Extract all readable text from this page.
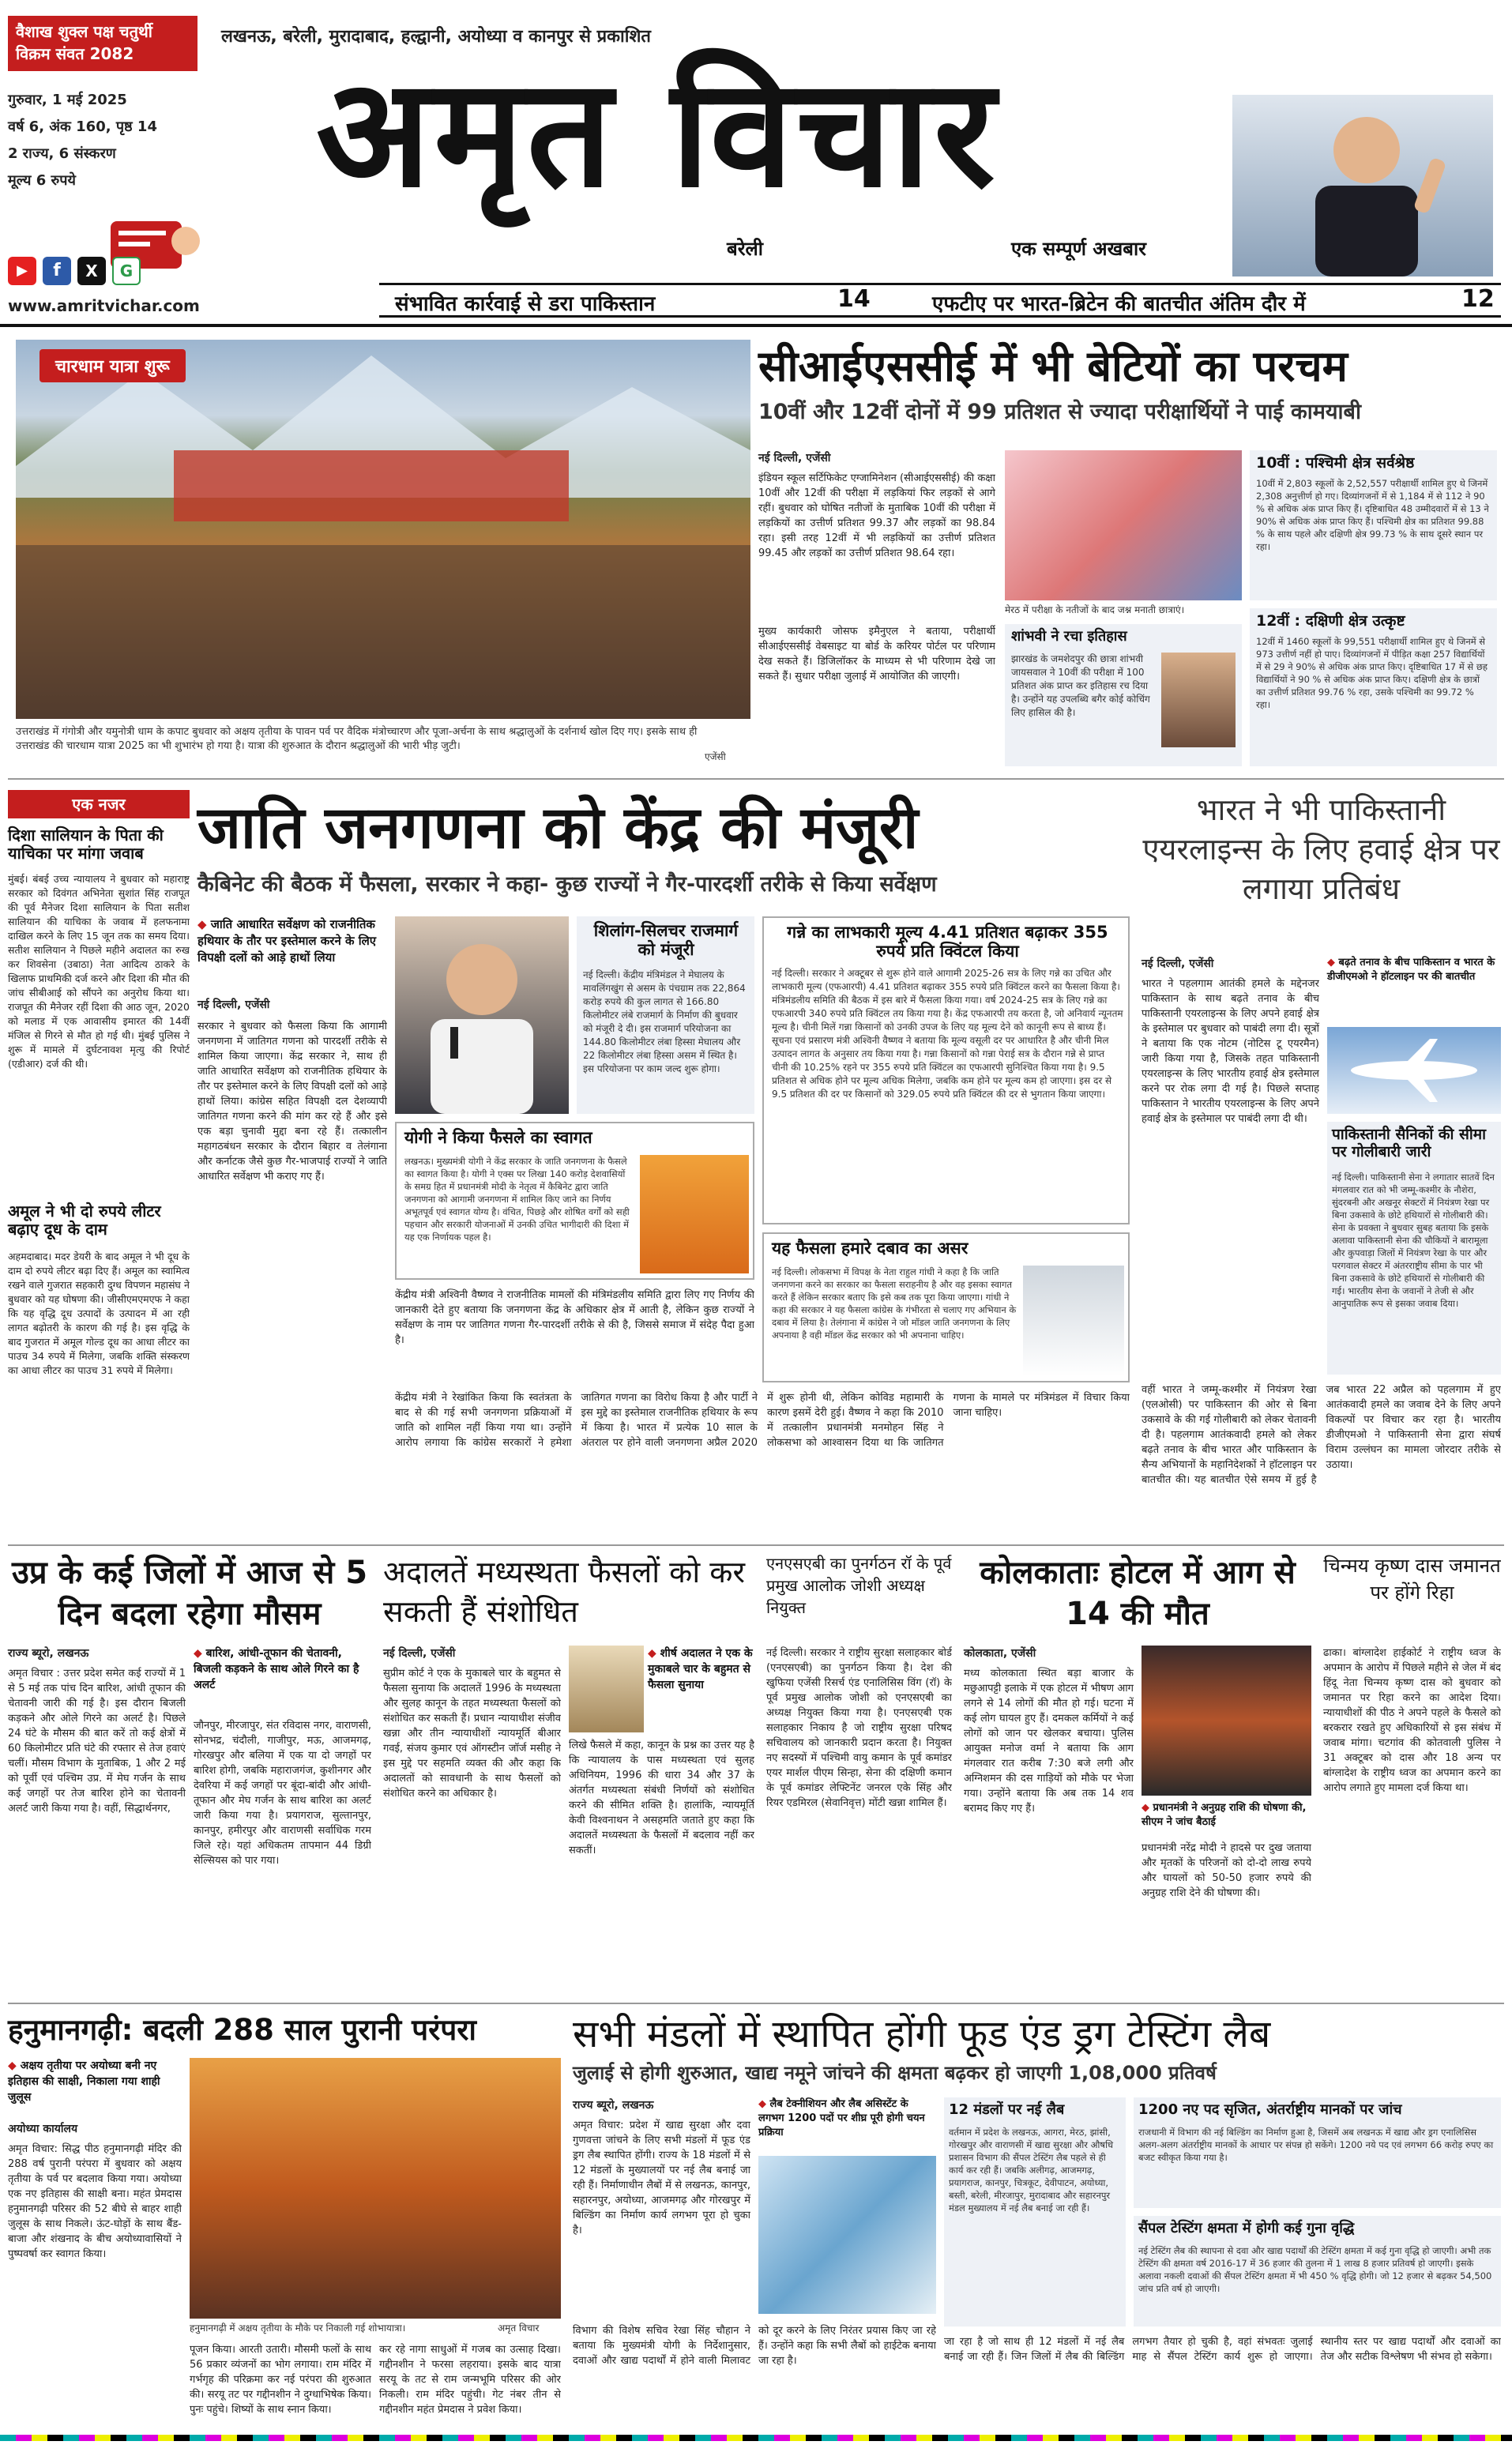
वैशाख शुक्ल पक्ष चतुर्थी विक्रम संवत 2082
लखनऊ, बरेली, मुरादाबाद, हल्द्वानी, अयोध्या व कानपुर से प्रकाशित
गुरुवार, 1 मई 2025
वर्ष 6, अंक 160, पृष्ठ 14
2 राज्य, 6 संस्करण
मूल्य 6 रुपये	अमृत विचार
बरेली	एक सम्पूर्ण अखबार
▶	f	X	G
www.amritvichar.com	संभावित कार्रवाई से डरा पाकिस्तान	14	एफटीए पर भारत-ब्रिटेन की बातचीत अंतिम दौर में	12
चारधाम यात्रा शुरू
उत्तराखंड में गंगोत्री और यमुनोत्री धाम के कपाट बुधवार को अक्षय तृतीया के पावन पर्व पर वैदिक मंत्रोच्चारण और पूजा-अर्चना के साथ श्रद्धालुओं के दर्शनार्थ खोल दिए गए। इसके साथ ही उत्तराखंड की चारधाम यात्रा 2025 का भी शुभारंभ हो गया है। यात्रा की शुरुआत के दौरान श्रद्धालुओं की भारी भीड़ जुटी।
एजेंसी
सीआईएससीई में भी बेटियों का परचम
10वीं और 12वीं दोनों में 99 प्रतिशत से ज्यादा परीक्षार्थियों ने पाई कामयाबी
नई दिल्ली, एजेंसी
इंडियन स्कूल सर्टिफिकेट एग्जामिनेशन (सीआईएससीई) की कक्षा 10वीं और 12वीं की परीक्षा में लड़कियां फिर लड़कों से आगे रहीं। बुधवार को घोषित नतीजों के मुताबिक 10वीं की परीक्षा में लड़कियों का उत्तीर्ण प्रतिशत 99.37 और लड़कों का 98.84 रहा। इसी तरह 12वीं में भी लड़कियों का उत्तीर्ण प्रतिशत 99.45 और लड़कों का उत्तीर्ण प्रतिशत 98.64 रहा।
मुख्य कार्यकारी जोसफ इमैनुएल ने बताया, परीक्षार्थी सीआईएससीई वेबसाइट या बोर्ड के करियर पोर्टल पर परिणाम देख सकते हैं। डिजिलॉकर के माध्यम से भी परिणाम देखे जा सकते हैं। सुधार परीक्षा जुलाई में आयोजित की जाएगी।
मेरठ में परीक्षा के नतीजों के बाद जश्न मनाती छात्राएं।
शांभवी ने रचा इतिहास
झारखंड के जमशेदपुर की छात्रा शांभवी जायसवाल ने 10वीं की परीक्षा में 100 प्रतिशत अंक प्राप्त कर इतिहास रच दिया है। उन्होंने यह उपलब्धि बगैर कोई कोचिंग लिए हासिल की है।
10वीं : पश्चिमी क्षेत्र सर्वश्रेष्ठ
10वीं में 2,803 स्कूलों के 2,52,557 परीक्षार्थी शामिल हुए थे जिनमें 2,308 अनुत्तीर्ण हो गए। दिव्यांगजनों में से 1,184 में से 112 ने 90 % से अधिक अंक प्राप्त किए हैं। दृष्टिबाधित 48 उम्मीदवारों में से 13 ने 90% से अधिक अंक प्राप्त किए हैं। पश्चिमी क्षेत्र का प्रतिशत 99.88 % के साथ पहले और दक्षिणी क्षेत्र 99.73 % के साथ दूसरे स्थान पर रहा।
12वीं : दक्षिणी क्षेत्र उत्कृष्ट
12वीं में 1460 स्कूलों के 99,551 परीक्षार्थी शामिल हुए थे जिनमें से 973 उत्तीर्ण नहीं हो पाए। दिव्यांगजनों में पीड़ित कक्षा 257 विद्यार्थियों में से 29 ने 90% से अधिक अंक प्राप्त किए। दृष्टिबाधित 17 में से छह विद्यार्थियों ने 90 % से अधिक अंक प्राप्त किए। दक्षिणी क्षेत्र के छात्रों का उत्तीर्ण प्रतिशत 99.76 % रहा, उसके पश्चिमी का 99.72 % रहा।
एक नजर
दिशा सालियान के पिता की याचिका पर मांगा जवाब
मुंबई। बंबई उच्च न्यायालय ने बुधवार को महाराष्ट्र सरकार को दिवंगत अभिनेता सुशांत सिंह राजपूत की पूर्व मैनेजर दिशा सालियान के पिता सतीश सालियान की याचिका के जवाब में हलफनामा दाखिल करने के लिए 15 जून तक का समय दिया। सतीश सालियान ने पिछले महीने अदालत का रुख कर शिवसेना (उबाठा) नेता आदित्य ठाकरे के खिलाफ प्राथमिकी दर्ज करने और दिशा की मौत की जांच सीबीआई को सौंपने का अनुरोध किया था। राजपूत की मैनेजर रहीं दिशा की आठ जून, 2020 को मलाड में एक आवासीय इमारत की 14वीं मंजिल से गिरने से मौत हो गई थी। मुंबई पुलिस ने शुरू में मामले में दुर्घटनावश मृत्यु की रिपोर्ट (एडीआर) दर्ज की थी।
अमूल ने भी दो रुपये लीटर बढ़ाए दूध के दाम
अहमदाबाद। मदर डेयरी के बाद अमूल ने भी दूध के दाम दो रुपये लीटर बढ़ा दिए हैं। अमूल का स्वामित्व रखने वाले गुजरात सहकारी दुग्ध विपणन महासंघ ने बुधवार को यह घोषणा की। जीसीएमएमएफ ने कहा कि यह वृद्धि दूध उत्पादों के उत्पादन में आ रही लागत बढ़ोतरी के कारण की गई है। इस वृद्धि के बाद गुजरात में अमूल गोल्ड दूध का आधा लीटर का पाउच 34 रुपये में मिलेगा, जबकि शक्ति संस्करण का आधा लीटर का पाउच 31 रुपये में मिलेगा।
जाति जनगणना को केंद्र की मंजूरी
कैबिनेट की बैठक में फैसला, सरकार ने कहा- कुछ राज्यों ने गैर-पारदर्शी तरीके से किया सर्वेक्षण
◆ जाति आधारित सर्वेक्षण को राजनीतिक हथियार के तौर पर इस्तेमाल करने के लिए विपक्षी दलों को आड़े हाथों लिया
नई दिल्ली, एजेंसी
सरकार ने बुधवार को फैसला किया कि आगामी जनगणना में जातिगत गणना को पारदर्शी तरीके से शामिल किया जाएगा। केंद्र सरकार ने, साथ ही जाति आधारित सर्वेक्षण को राजनीतिक हथियार के तौर पर इस्तेमाल करने के लिए विपक्षी दलों को आड़े हाथों लिया। कांग्रेस सहित विपक्षी दल देशव्यापी जातिगत गणना करने की मांग कर रहे हैं और इसे एक बड़ा चुनावी मुद्दा बना रहे हैं। तत्कालीन महागठबंधन सरकार के दौरान बिहार व तेलंगाना और कर्नाटक जैसे कुछ गैर-भाजपाई राज्यों ने जाति आधारित सर्वेक्षण भी कराए गए हैं।
शिलांग-सिलचर राजमार्ग को मंजूरी
नई दिल्ली। केंद्रीय मंत्रिमंडल ने मेघालय के मावलिंगखुंग से असम के पंचग्राम तक 22,864 करोड़ रुपये की कुल लागत से 166.80 किलोमीटर लंबे राजमार्ग के निर्माण की बुधवार को मंजूरी दे दी। इस राजमार्ग परियोजना का 144.80 किलोमीटर लंबा हिस्सा मेघालय और 22 किलोमीटर लंबा हिस्सा असम में स्थित है। इस परियोजना पर काम जल्द शुरू होगा।
गन्ने का लाभकारी मूल्य 4.41 प्रतिशत बढ़ाकर 355 रुपये प्रति क्विंटल किया
नई दिल्ली। सरकार ने अक्टूबर से शुरू होने वाले आगामी 2025-26 सत्र के लिए गन्ने का उचित और लाभकारी मूल्य (एफआरपी) 4.41 प्रतिशत बढ़ाकर 355 रुपये प्रति क्विंटल करने का फैसला किया है। मंत्रिमंडलीय समिति की बैठक में इस बारे में फैसला किया गया। वर्ष 2024-25 सत्र के लिए गन्ने का एफआरपी 340 रुपये प्रति क्विंटल तय किया गया है। केंद्र एफआरपी तय करता है, जो अनिवार्य न्यूनतम मूल्य है। चीनी मिलें गन्ना किसानों को उनकी उपज के लिए यह मूल्य देने को कानूनी रूप से बाध्य हैं। सूचना एवं प्रसारण मंत्री अश्विनी वैष्णव ने बताया कि मूल्य वसूली दर पर आधारित है और चीनी मिल उत्पादन लागत के अनुसार तय किया गया है। गन्ना किसानों को गन्ना पेराई सत्र के दौरान गन्ने से प्राप्त चीनी की 10.25% रहने पर 355 रुपये प्रति क्विंटल का एफआरपी सुनिश्चित किया गया है। 9.5 प्रतिशत से अधिक होने पर मूल्य अधिक मिलेगा, जबकि कम होने पर मूल्य कम हो जाएगा। इस दर से 9.5 प्रतिशत की दर पर किसानों को 329.05 रुपये प्रति क्विंटल की दर से भुगतान किया जाएगा।
योगी ने किया फैसले का स्वागत
लखनऊ। मुख्यमंत्री योगी ने केंद्र सरकार के जाति जनगणना के फैसले का स्वागत किया है। योगी ने एक्स पर लिखा 140 करोड़ देशवासियों के समग्र हित में प्रधानमंत्री मोदी के नेतृत्व में कैबिनेट द्वारा जाति जनगणना को आगामी जनगणना में शामिल किए जाने का निर्णय अभूतपूर्व एवं स्वागत योग्य है। वंचित, पिछड़े और शोषित वर्गों को सही पहचान और सरकारी योजनाओं में उनकी उचित भागीदारी की दिशा में यह एक निर्णायक पहल है।
यह फैसला हमारे दबाव का असर
नई दिल्ली। लोकसभा में विपक्ष के नेता राहुल गांधी ने कहा है कि जाति जनगणना करने का सरकार का फैसला सराहनीय है और वह इसका स्वागत करते हैं लेकिन सरकार बताए कि इसे कब तक पूरा किया जाएगा। गांधी ने कहा की सरकार ने यह फैसला कांग्रेस के गंभीरता से चलाए गए अभियान के दबाव में लिया है। तेलंगाना में कांग्रेस ने जो मॉडल जाति जनगणना के लिए अपनाया है वही मॉडल केंद्र सरकार को भी अपनाना चाहिए।
केंद्रीय मंत्री अश्विनी वैष्णव ने राजनीतिक मामलों की मंत्रिमंडलीय समिति द्वारा लिए गए निर्णय की जानकारी देते हुए बताया कि जनगणना केंद्र के अधिकार क्षेत्र में आती है, लेकिन कुछ राज्यों ने सर्वेक्षण के नाम पर जातिगत गणना गैर-पारदर्शी तरीके से की है, जिससे समाज में संदेह पैदा हुआ है।
केंद्रीय मंत्री ने रेखांकित किया कि स्वतंत्रता के बाद से की गई सभी जनगणना प्रक्रियाओं में जाति को शामिल नहीं किया गया था। उन्होंने आरोप लगाया कि कांग्रेस सरकारों ने हमेशा जातिगत गणना का विरोध किया है और पार्टी ने इस मुद्दे का इस्तेमाल राजनीतिक हथियार के रूप में किया है। भारत में प्रत्येक 10 साल के अंतराल पर होने वाली जनगणना अप्रैल 2020 में शुरू होनी थी, लेकिन कोविड महामारी के कारण इसमें देरी हुई। वैष्णव ने कहा कि 2010 में तत्कालीन प्रधानमंत्री मनमोहन सिंह ने लोकसभा को आश्वासन दिया था कि जातिगत गणना के मामले पर मंत्रिमंडल में विचार किया जाना चाहिए।
भारत ने भी पाकिस्तानी एयरलाइन्स के लिए हवाई क्षेत्र पर लगाया प्रतिबंध
नई दिल्ली, एजेंसी
भारत ने पहलगाम आतंकी हमले के मद्देनजर पाकिस्तान के साथ बढ़ते तनाव के बीच पाकिस्तानी एयरलाइन्स के लिए अपने हवाई क्षेत्र के इस्तेमाल पर बुधवार को पाबंदी लगा दी। सूत्रों ने बताया कि एक नोटम (नोटिस टू एयरमैन) जारी किया गया है, जिसके तहत पाकिस्तानी एयरलाइन्स के लिए भारतीय हवाई क्षेत्र इस्तेमाल करने पर रोक लगा दी गई है। पिछले सप्ताह पाकिस्तान ने भारतीय एयरलाइन्स के लिए अपने हवाई क्षेत्र के इस्तेमाल पर पाबंदी लगा दी थी।
◆ बढ़ते तनाव के बीच पाकिस्तान व भारत के डीजीएमओ ने हॉटलाइन पर की बातचीत
पाकिस्तानी सैनिकों की सीमा पर गोलीबारी जारी
नई दिल्ली। पाकिस्तानी सेना ने लगातार सातवें दिन मंगलवार रात को भी जम्मू-कश्मीर के नौशेरा, सुंदरबनी और अखनूर सेक्टरों में नियंत्रण रेखा पर बिना उकसावे के छोटे हथियारों से गोलीबारी की। सेना के प्रवक्ता ने बुधवार सुबह बताया कि इसके अलावा पाकिस्तानी सेना की चौकियों ने बारामूला और कुपवाड़ा जिलों में नियंत्रण रेखा के पार और परगवाल सेक्टर में अंतरराष्ट्रीय सीमा के पार भी बिना उकसावे के छोटे हथियारों से गोलीबारी की गई। भारतीय सेना के जवानों ने तेजी से और आनुपातिक रूप से इसका जवाब दिया।
वहीं भारत ने जम्मू-कश्मीर में नियंत्रण रेखा (एलओसी) पर पाकिस्तान की ओर से बिना उकसावे के की गई गोलीबारी को लेकर चेतावनी दी है। पहलगाम आतंकवादी हमले को लेकर बढ़ते तनाव के बीच भारत और पाकिस्तान के सैन्य अभियानों के महानिदेशकों ने हॉटलाइन पर बातचीत की। यह बातचीत ऐसे समय में हुई है जब भारत 22 अप्रैल को पहलगाम में हुए आतंकवादी हमले का जवाब देने के लिए अपने विकल्पों पर विचार कर रहा है। भारतीय डीजीएमओ ने पाकिस्तानी सेना द्वारा संघर्ष विराम उल्लंघन का मामला जोरदार तरीके से उठाया।
उप्र के कई जिलों में आज से 5 दिन बदला रहेगा मौसम
राज्य ब्यूरो, लखनऊ
अमृत विचार : उत्तर प्रदेश समेत कई राज्यों में 1 से 5 मई तक पांच दिन बारिश, आंधी तूफान की चेतावनी जारी की गई है। इस दौरान बिजली कड़कने और ओले गिरने का अलर्ट है। पिछले 24 घंटे के मौसम की बात करें तो कई क्षेत्रों में 60 किलोमीटर प्रति घंटे की रफ्तार से तेज हवाएं चलीं। मौसम विभाग के मुताबिक, 1 और 2 मई को पूर्वी एवं पश्चिम उप्र. में मेघ गर्जन के साथ कई जगहों पर तेज बारिश होने का चेतावनी अलर्ट जारी किया गया है। वहीं, सिद्धार्थनगर,
◆ बारिश, आंधी-तूफान की चेतावनी, बिजली कड़कने के साथ ओले गिरने का है अलर्ट
जौनपुर, मीरजापुर, संत रविदास नगर, वाराणसी, सोनभद्र, चंदौली, गाजीपुर, मऊ, आजमगढ़, गोरखपुर और बलिया में एक या दो जगहों पर बारिश होगी, जबकि महाराजगंज, कुशीनगर और देवरिया में कई जगहों पर बूंदा-बांदी और आंधी-तूफान और मेघ गर्जन के साथ बारिश का अलर्ट जारी किया गया है। प्रयागराज, सुल्तानपुर, कानपुर, हमीरपुर और वाराणसी सर्वाधिक गरम जिले रहे। यहां अधिकतम तापमान 44 डिग्री सेल्सियस को पार गया।
अदालतें मध्यस्थता फैसलों को कर सकती हैं संशोधित
नई दिल्ली, एजेंसी
सुप्रीम कोर्ट ने एक के मुकाबले चार के बहुमत से फैसला सुनाया कि अदालतें 1996 के मध्यस्थता और सुलह कानून के तहत मध्यस्थता फैसलों को संशोधित कर सकती हैं। प्रधान न्यायाधीश संजीव खन्ना और तीन न्यायाधीशों न्यायमूर्ति बीआर गवई, संजय कुमार एवं ऑगस्टीन जॉर्ज मसीह ने इस मुद्दे पर सहमति व्यक्त की और कहा कि अदालतों को सावधानी के साथ फैसलों को संशोधित करने का अधिकार है।
◆ शीर्ष अदालत ने एक के मुकाबले चार के बहुमत से फैसला सुनाया
लिखे फैसले में कहा, कानून के प्रश्न का उत्तर यह है कि न्यायालय के पास मध्यस्थता एवं सुलह अधिनियम, 1996 की धारा 34 और 37 के अंतर्गत मध्यस्थता संबंधी निर्णयों को संशोधित करने की सीमित शक्ति है। हालांकि, न्यायमूर्ति केवी विश्वनाथन ने असहमति जताते हुए कहा कि अदालतें मध्यस्थता के फैसलों में बदलाव नहीं कर सकतीं।
एनएसएबी का पुनर्गठन रॉ के पूर्व प्रमुख आलोक जोशी अध्यक्ष नियुक्त
नई दिल्ली। सरकार ने राष्ट्रीय सुरक्षा सलाहकार बोर्ड (एनएसएबी) का पुनर्गठन किया है। देश की खुफिया एजेंसी रिसर्च एंड एनालिसिस विंग (रॉ) के पूर्व प्रमुख आलोक जोशी को एनएसएबी का अध्यक्ष नियुक्त किया गया है। एनएसएबी एक सलाहकार निकाय है जो राष्ट्रीय सुरक्षा परिषद सचिवालय को जानकारी प्रदान करता है। नियुक्त नए सदस्यों में पश्चिमी वायु कमान के पूर्व कमांडर एयर मार्शल पीएम सिन्हा, सेना की दक्षिणी कमान के पूर्व कमांडर लेफ्टिनेंट जनरल एके सिंह और रियर एडमिरल (सेवानिवृत्त) मोंटी खन्ना शामिल हैं।
कोलकाताः होटल में आग से 14 की मौत
कोलकाता, एजेंसी
मध्य कोलकाता स्थित बड़ा बाजार के मछुआपट्टी इलाके में एक होटल में भीषण आग लगने से 14 लोगों की मौत हो गई। घटना में कई लोग घायल हुए हैं। दमकल कर्मियों ने कई लोगों को जान पर खेलकर बचाया। पुलिस आयुक्त मनोज वर्मा ने बताया कि आग मंगलवार रात करीब 7:30 बजे लगी और अग्निशमन की दस गाड़ियों को मौके पर भेजा गया। उन्होंने बताया कि अब तक 14 शव बरामद किए गए हैं।
◆	प्रधानमंत्री ने अनुग्रह राशि की घोषणा की, सीएम ने जांच बैठाई
प्रधानमंत्री नरेंद्र मोदी ने हादसे पर दुख जताया और मृतकों के परिजनों को दो-दो लाख रुपये और घायलों को 50-50 हजार रुपये की अनुग्रह राशि देने की घोषणा की।
चिन्मय कृष्ण दास जमानत पर होंगे रिहा
ढाका। बांग्लादेश हाईकोर्ट ने राष्ट्रीय ध्वज के अपमान के आरोप में पिछले महीने से जेल में बंद हिंदू नेता चिन्मय कृष्ण दास को बुधवार को जमानत पर रिहा करने का आदेश दिया। न्यायाधीशों की पीठ ने अपने पहले के फैसले को बरकरार रखते हुए अधिकारियों से इस संबंध में जवाब मांगा। चटगांव की कोतवाली पुलिस ने 31 अक्टूबर को दास और 18 अन्य पर बांग्लादेश के राष्ट्रीय ध्वज का अपमान करने का आरोप लगाते हुए मामला दर्ज किया था।
हनुमानगढ़ी: बदली 288 साल पुरानी परंपरा
◆ अक्षय तृतीया पर अयोध्या बनी नए इतिहास की साक्षी, निकाला गया शाही जुलूस
अयोध्या कार्यालय
अमृत विचार: सिद्ध पीठ हनुमानगढ़ी मंदिर की 288 वर्ष पुरानी परंपरा में बुधवार को अक्षय तृतीया के पर्व पर बदलाव किया गया। अयोध्या एक नए इतिहास की साक्षी बना। महंत प्रेमदास हनुमानगढ़ी परिसर की 52 बीघे से बाहर शाही जुलूस के साथ निकले। ऊंट-घोड़ों के साथ बैंड-बाजा और शंखनाद के बीच अयोध्यावासियों ने पुष्पवर्षा कर स्वागत किया।
हनुमानगढ़ी में अक्षय तृतीया के मौके पर निकाली गई शोभायात्रा।	अमृत विचार
पूजन किया। आरती उतारी। मौसमी फलों के साथ 56 प्रकार व्यंजनों का भोग लगाया। राम मंदिर में गर्भगृह की परिक्रमा कर नई परंपरा की शुरुआत की। सरयू तट पर गद्दीनशीन ने दुग्धाभिषेक किया। पुनः पहुंचे। शिष्यों के साथ स्नान किया।
कर रहे नागा साधुओं में गजब का उत्साह दिखा। गद्दीनशीन ने फरसा लहराया। इसके बाद यात्रा सरयू के तट से राम जन्मभूमि परिसर की ओर निकली। राम मंदिर पहुंची। गेट नंबर तीन से गद्दीनशीन महंत प्रेमदास ने प्रवेश किया।
सभी मंडलों में स्थापित होंगी फूड एंड ड्रग टेस्टिंग लैब
जुलाई से होगी शुरुआत, खाद्य नमूने जांचने की क्षमता बढ़कर हो जाएगी 1,08,000 प्रतिवर्ष
राज्य ब्यूरो, लखनऊ
अमृत विचार: प्रदेश में खाद्य सुरक्षा और दवा गुणवत्ता जांचने के लिए सभी मंडलों में फूड एंड ड्रग लैब स्थापित होंगी। राज्य के 18 मंडलों में से 12 मंडलों के मुख्यालयों पर नई लैब बनाई जा रही हैं। निर्माणाधीन लैबों में से लखनऊ, कानपुर, सहारनपुर, अयोध्या, आजमगढ़ और गोरखपुर में बिल्डिंग का निर्माण कार्य लगभग पूरा हो चुका है।
◆ लैब टेक्नीशियन और लैब असिस्टेंट के लगभग 1200 पदों पर शीघ्र पूरी होगी चयन प्रक्रिया
विभाग की विशेष सचिव रेखा सिंह चौहान ने बताया कि मुख्यमंत्री योगी के निर्देशानुसार, दवाओं और खाद्य पदार्थों में होने वाली मिलावट को दूर करने के लिए निरंतर प्रयास किए जा रहे हैं। उन्होंने कहा कि सभी लैबों को हाईटेक बनाया जा रहा है।
12 मंडलों पर नई लैब
वर्तमान में प्रदेश के लखनऊ, आगरा, मेरठ, झांसी, गोरखपुर और वाराणसी में खाद्य सुरक्षा और औषधि प्रशासन विभाग की सैंपल टेस्टिंग लैब पहले से ही कार्य कर रही हैं। जबकि अलीगढ़, आजमगढ़, प्रयागराज, कानपुर, चित्रकूट, देवीपाटन, अयोध्या, बस्ती, बरेली, मीरजापुर, मुरादाबाद और सहारनपुर मंडल मुख्यालय में नई लैब बनाई जा रही हैं।
1200 नए पद सृजित, अंतर्राष्ट्रीय मानकों पर जांच
राजधानी में विभाग की नई बिल्डिंग का निर्माण हुआ है, जिसमें अब लखनऊ में खाद्य और ड्रग एनालिसिस अलग-अलग अंतर्राष्ट्रीय मानकों के आधार पर संपन्न हो सकेंगे। 1200 नये पद एवं लगभग 66 करोड़ रुपए का बजट स्वीकृत किया गया है।
सैंपल टेस्टिंग क्षमता में होगी कई गुना वृद्धि
नई टेस्टिंग लैब की स्थापना से दवा और खाद्य पदार्थों की टेस्टिंग क्षमता में कई गुना वृद्धि हो जाएगी। अभी तक टेस्टिंग की क्षमता वर्ष 2016-17 में 36 हजार की तुलना में 1 लाख 8 हजार प्रतिवर्ष हो जाएगी। इसके अलावा नकली दवाओं की सैंपल टेस्टिंग क्षमता में भी 450 % वृद्धि होगी। जो 12 हजार से बढ़कर 54,500 जांच प्रति वर्ष हो जाएगी।
जा रहा है जो साथ ही 12 मंडलों में नई लैब बनाई जा रही हैं। जिन जिलों में लैब की बिल्डिंग लगभग तैयार हो चुकी है, वहां संभवतः जुलाई माह से सैंपल टेस्टिंग कार्य शुरू हो जाएगा। स्थानीय स्तर पर खाद्य पदार्थों और दवाओं का तेज और सटीक विश्लेषण भी संभव हो सकेगा।
